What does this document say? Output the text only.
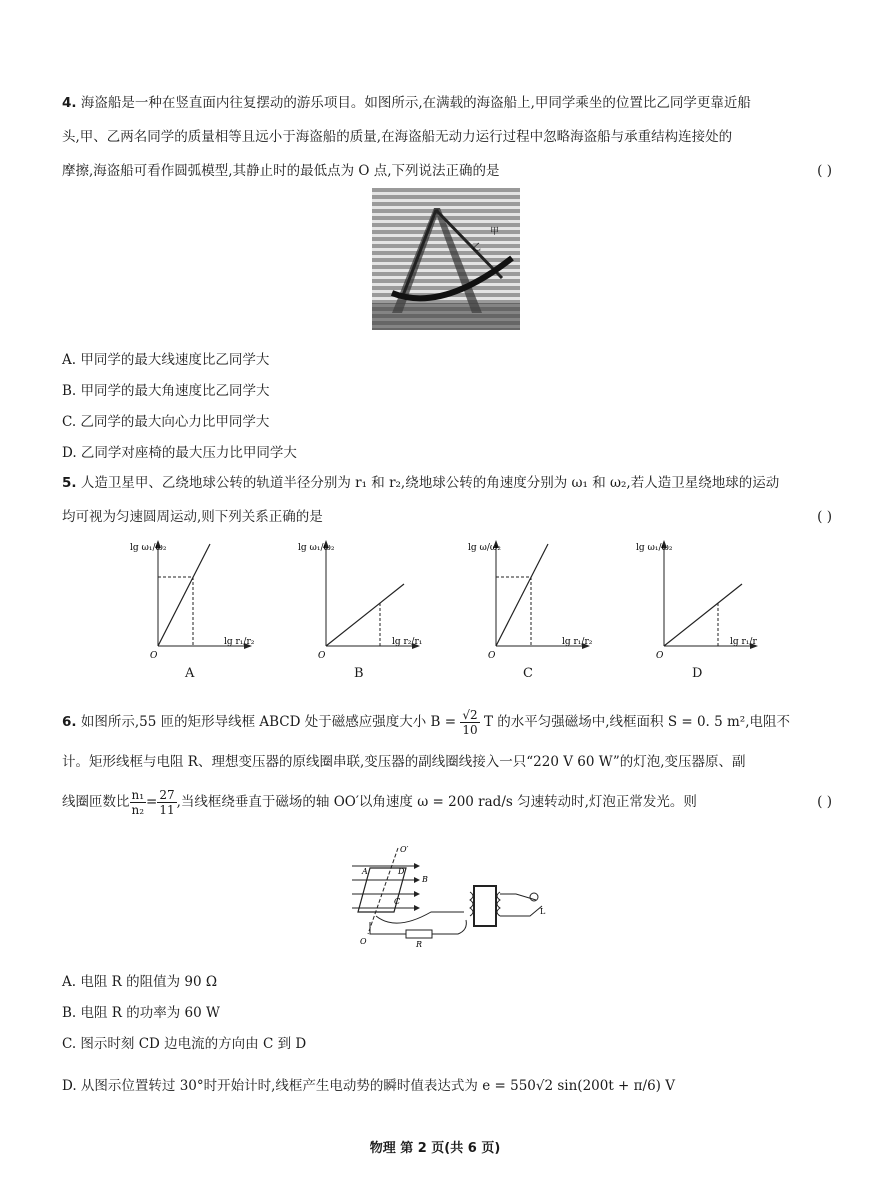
4. 海盗船是一种在竖直面内往复摆动的游乐项目。如图所示,在满载的海盗船上,甲同学乘坐的位置比乙同学更靠近船
头,甲、乙两名同学的质量相等且远小于海盗船的质量,在海盗船无动力运行过程中忽略海盗船与承重结构连接处的
摩擦,海盗船可看作圆弧模型,其静止时的最低点为 O 点,下列说法正确的是	( )
乙
甲
A. 甲同学的最大线速度比乙同学大
B. 甲同学的最大角速度比乙同学大
C. 乙同学的最大向心力比甲同学大
D. 乙同学对座椅的最大压力比甲同学大
5. 人造卫星甲、乙绕地球公转的轨道半径分别为 r₁ 和 r₂,绕地球公转的角速度分别为 ω₁ 和 ω₂,若人造卫星绕地球的运动
均可视为匀速圆周运动,则下列关系正确的是	( )
lg ω₁/ω₂
lg r₁/r₂
O
A
lg ω₁/ω₂
lg r₂/r₁
O
B
lg ω/ω₂
lg r₁/r₂
O
C
lg ω₁/ω₂
lg r₁/r
O
D
6. 如图所示,55 匝的矩形导线框 ABCD 处于磁感应强度大小 $B = \frac{√2}{10}$ T 的水平匀强磁场中,线框面积 S = 0. 5 m²,电阻不
计。矩形线框与电阻 R、理想变压器的原线圈串联,变压器的副线圈线接入一只“220 V 60 W”的灯泡,变压器原、副
线圈匝数比 $\frac{\text{n₁}}{\text{n₂}} = \frac{27}{11}$ ,当线框绕垂直于磁场的轴 OO′以角速度 ω = 200 rad/s 匀速转动时,灯泡正常发光。则	( )
O′
B
A	D
C
O	R
L
A. 电阻 R 的阻值为 90 Ω
B. 电阻 R 的功率为 60 W
C. 图示时刻 CD 边电流的方向由 C 到 D
D. 从图示位置转过 30°时开始计时,线框产生电动势的瞬时值表达式为 e = 550√2 sin(200t + π/6) V
物理 第 2 页(共 6 页)
